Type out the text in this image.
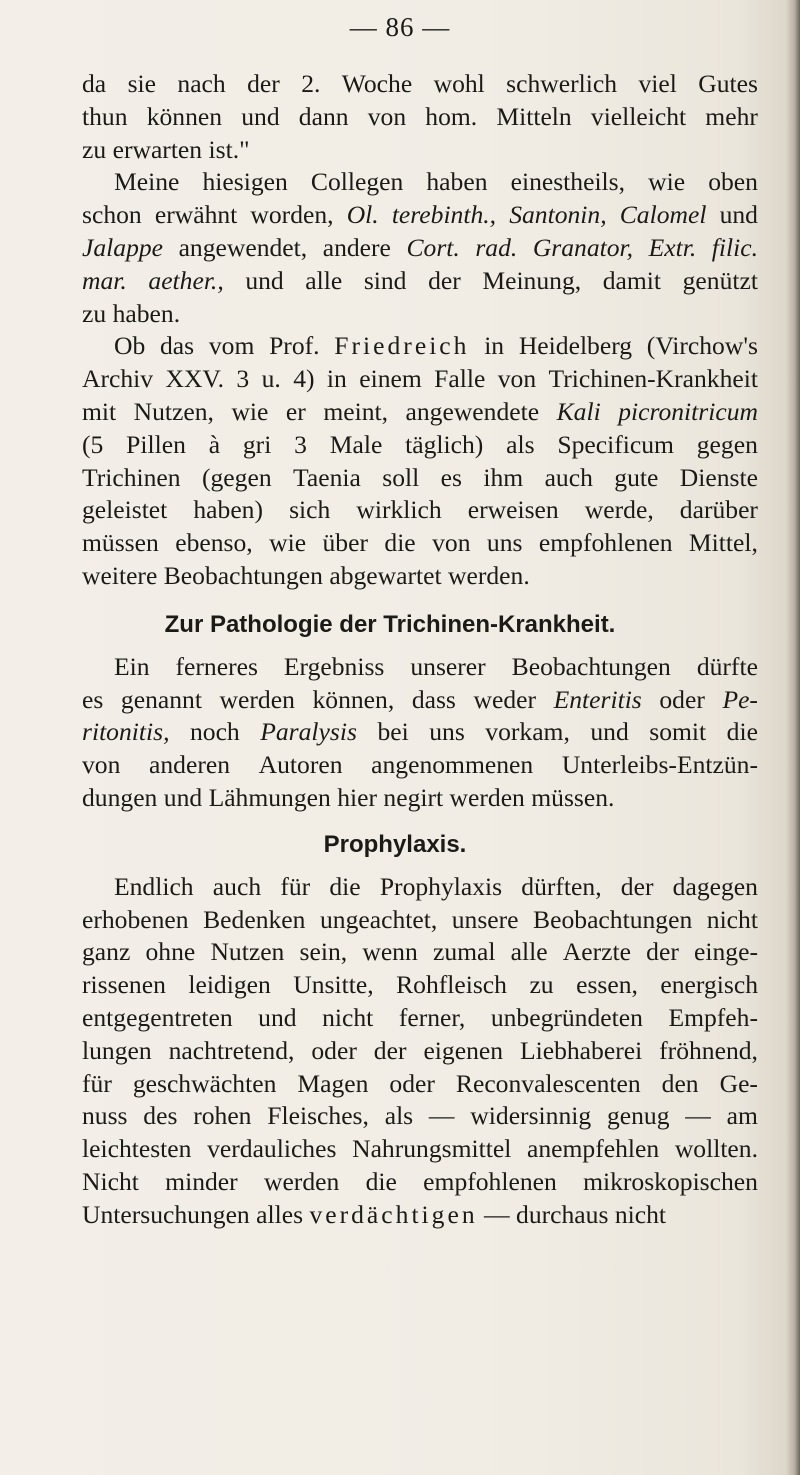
— 86 —
da sie nach der 2. Woche wohl schwerlich viel Gutes
thun können und dann von hom. Mitteln vielleicht mehr
zu
erwarten
ist."
Meine hiesigen Collegen haben einestheils, wie oben
schon erwähnt worden, Ol. terebinth., Santonin, Calomel und
Jalappe angewendet, andere Cort. rad. Granator, Extr. filic.
mar. aether., und alle sind der Meinung, damit genützt
zu
haben.
Ob das vom Prof. Friedreich in Heidelberg (Virchow's
Archiv XXV. 3 u. 4) in einem Falle von Trichinen-Krankheit
mit Nutzen, wie er meint, angewendete Kali picronitricum
(5 Pillen à gri 3 Male täglich) als Specificum gegen
Trichinen (gegen Taenia soll es ihm auch gute Dienste
geleistet haben) sich wirklich erweisen werde, darüber
müssen ebenso, wie über die von uns empfohlenen Mittel,
weitere
Beobachtungen
abgewartet
werden.
Zur Pathologie der Trichinen-Krankheit.
Ein ferneres Ergebniss unserer Beobachtungen dürfte
es genannt werden können, dass weder Enteritis oder Pe-
ritonitis, noch Paralysis bei uns vorkam, und somit die
von anderen Autoren angenommenen Unterleibs-Entzün-
dungen
und
Lähmungen
hier
negirt
werden
müssen.
Prophylaxis.
Endlich auch für die Prophylaxis dürften, der dagegen
erhobenen Bedenken ungeachtet, unsere Beobachtungen nicht
ganz ohne Nutzen sein, wenn zumal alle Aerzte der einge-
rissenen leidigen Unsitte, Rohfleisch zu essen, energisch
entgegentreten und nicht ferner, unbegründeten Empfeh-
lungen nachtretend, oder der eigenen Liebhaberei fröhnend,
für geschwächten Magen oder Reconvalescenten den Ge-
nuss des rohen Fleisches, als — widersinnig genug — am
leichtesten verdauliches Nahrungsmittel anempfehlen wollten.
Nicht minder werden die empfohlenen mikroskopischen
Untersuchungen
alles
verdächtigen
—
durchaus
nicht
